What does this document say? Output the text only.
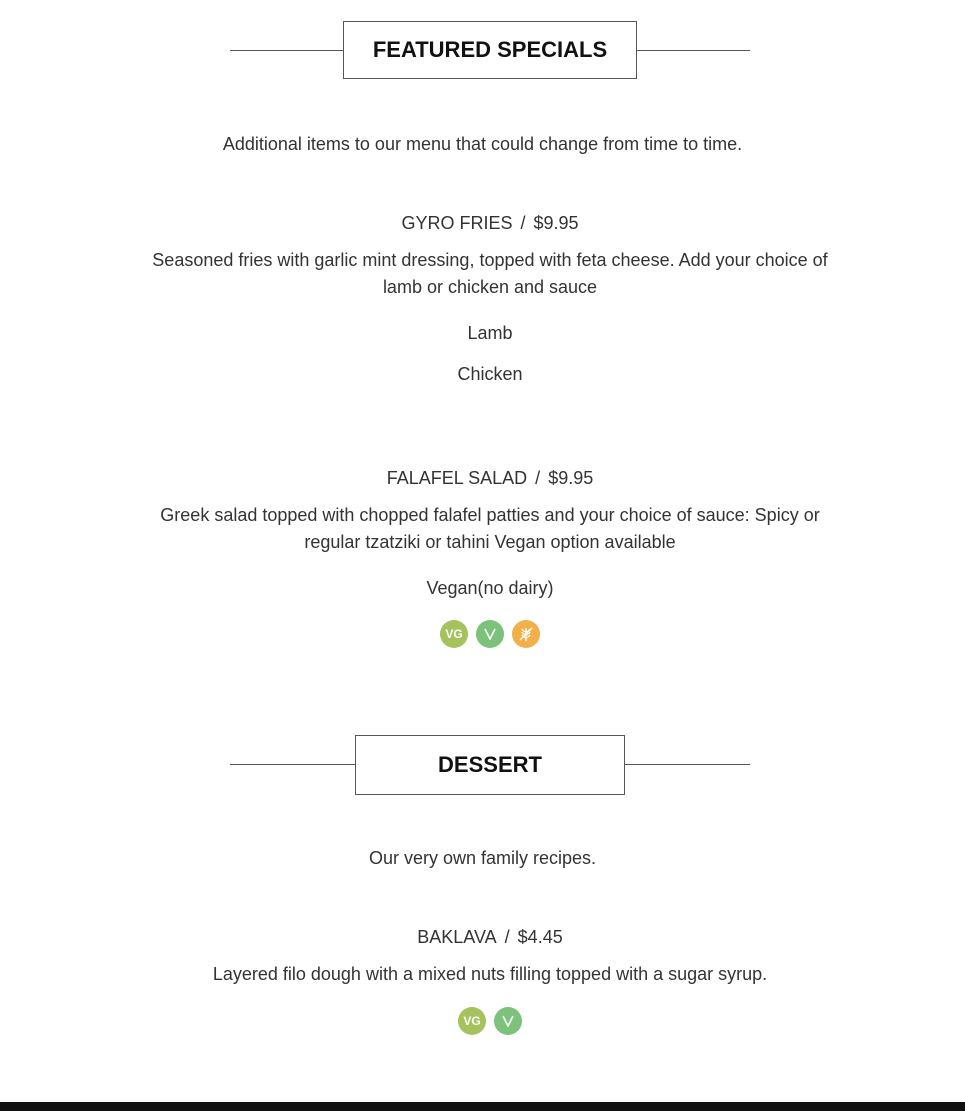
FEATURED SPECIALS
Additional items to our menu that could change from time to time.
GYRO FRIES / $9.95
Seasoned fries with garlic mint dressing, topped with feta cheese. Add your choice of lamb or chicken and sauce
Lamb
Chicken
FALAFEL SALAD / $9.95
Greek salad topped with chopped falafel patties and your choice of sauce: Spicy or regular tzatziki or tahini Vegan option available
Vegan(no dairy)
VG
DESSERT
Our very own family recipes.
BAKLAVA / $4.45
Layered filo dough with a mixed nuts filling topped with a sugar syrup.
VG
